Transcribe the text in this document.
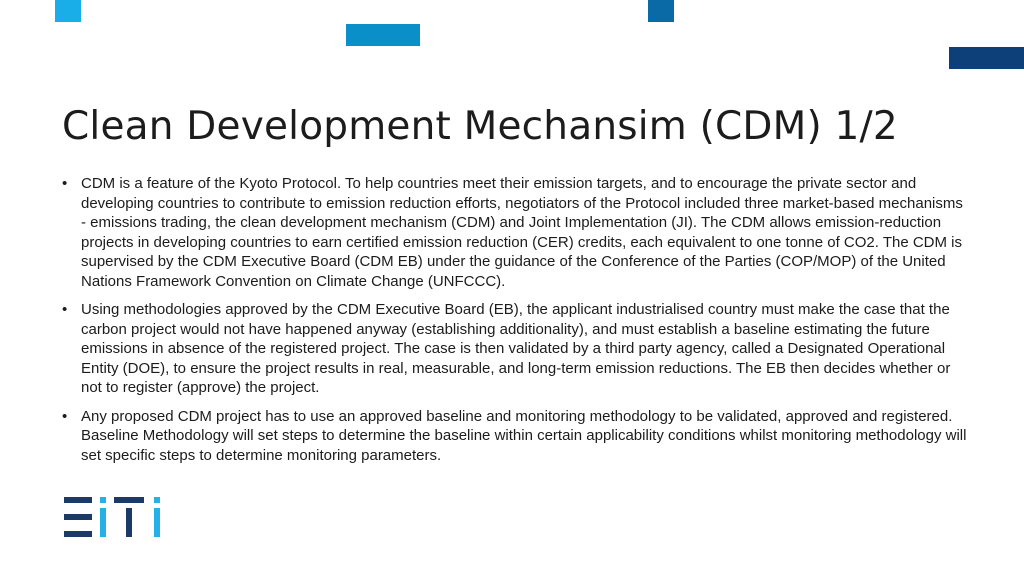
Clean Development Mechansim (CDM) 1/2
• CDM is a feature of the Kyoto Protocol. To help countries meet their emission targets, and to encourage the private sector and developing countries to contribute to emission reduction efforts, negotiators of the Protocol included three market-based mechanisms - emissions trading, the clean development mechanism (CDM) and Joint Implementation (JI). The CDM allows emission-reduction projects in developing countries to earn certified emission reduction (CER) credits, each equivalent to one tonne of CO2. The CDM is supervised by the CDM Executive Board (CDM EB) under the guidance of the Conference of the Parties (COP/MOP) of the United Nations Framework Convention on Climate Change (UNFCCC).
• Using methodologies approved by the CDM Executive Board (EB), the applicant industrialised country must make the case that the carbon project would not have happened anyway (establishing additionality), and must establish a baseline estimating the future emissions in absence of the registered project. The case is then validated by a third party agency, called a Designated Operational Entity (DOE), to ensure the project results in real, measurable, and long-term emission reductions. The EB then decides whether or not to register (approve) the project.
• Any proposed CDM project has to use an approved baseline and monitoring methodology to be validated, approved and registered. Baseline Methodology will set steps to determine the baseline within certain applicability conditions whilst monitoring methodology will set specific steps to determine monitoring parameters.
